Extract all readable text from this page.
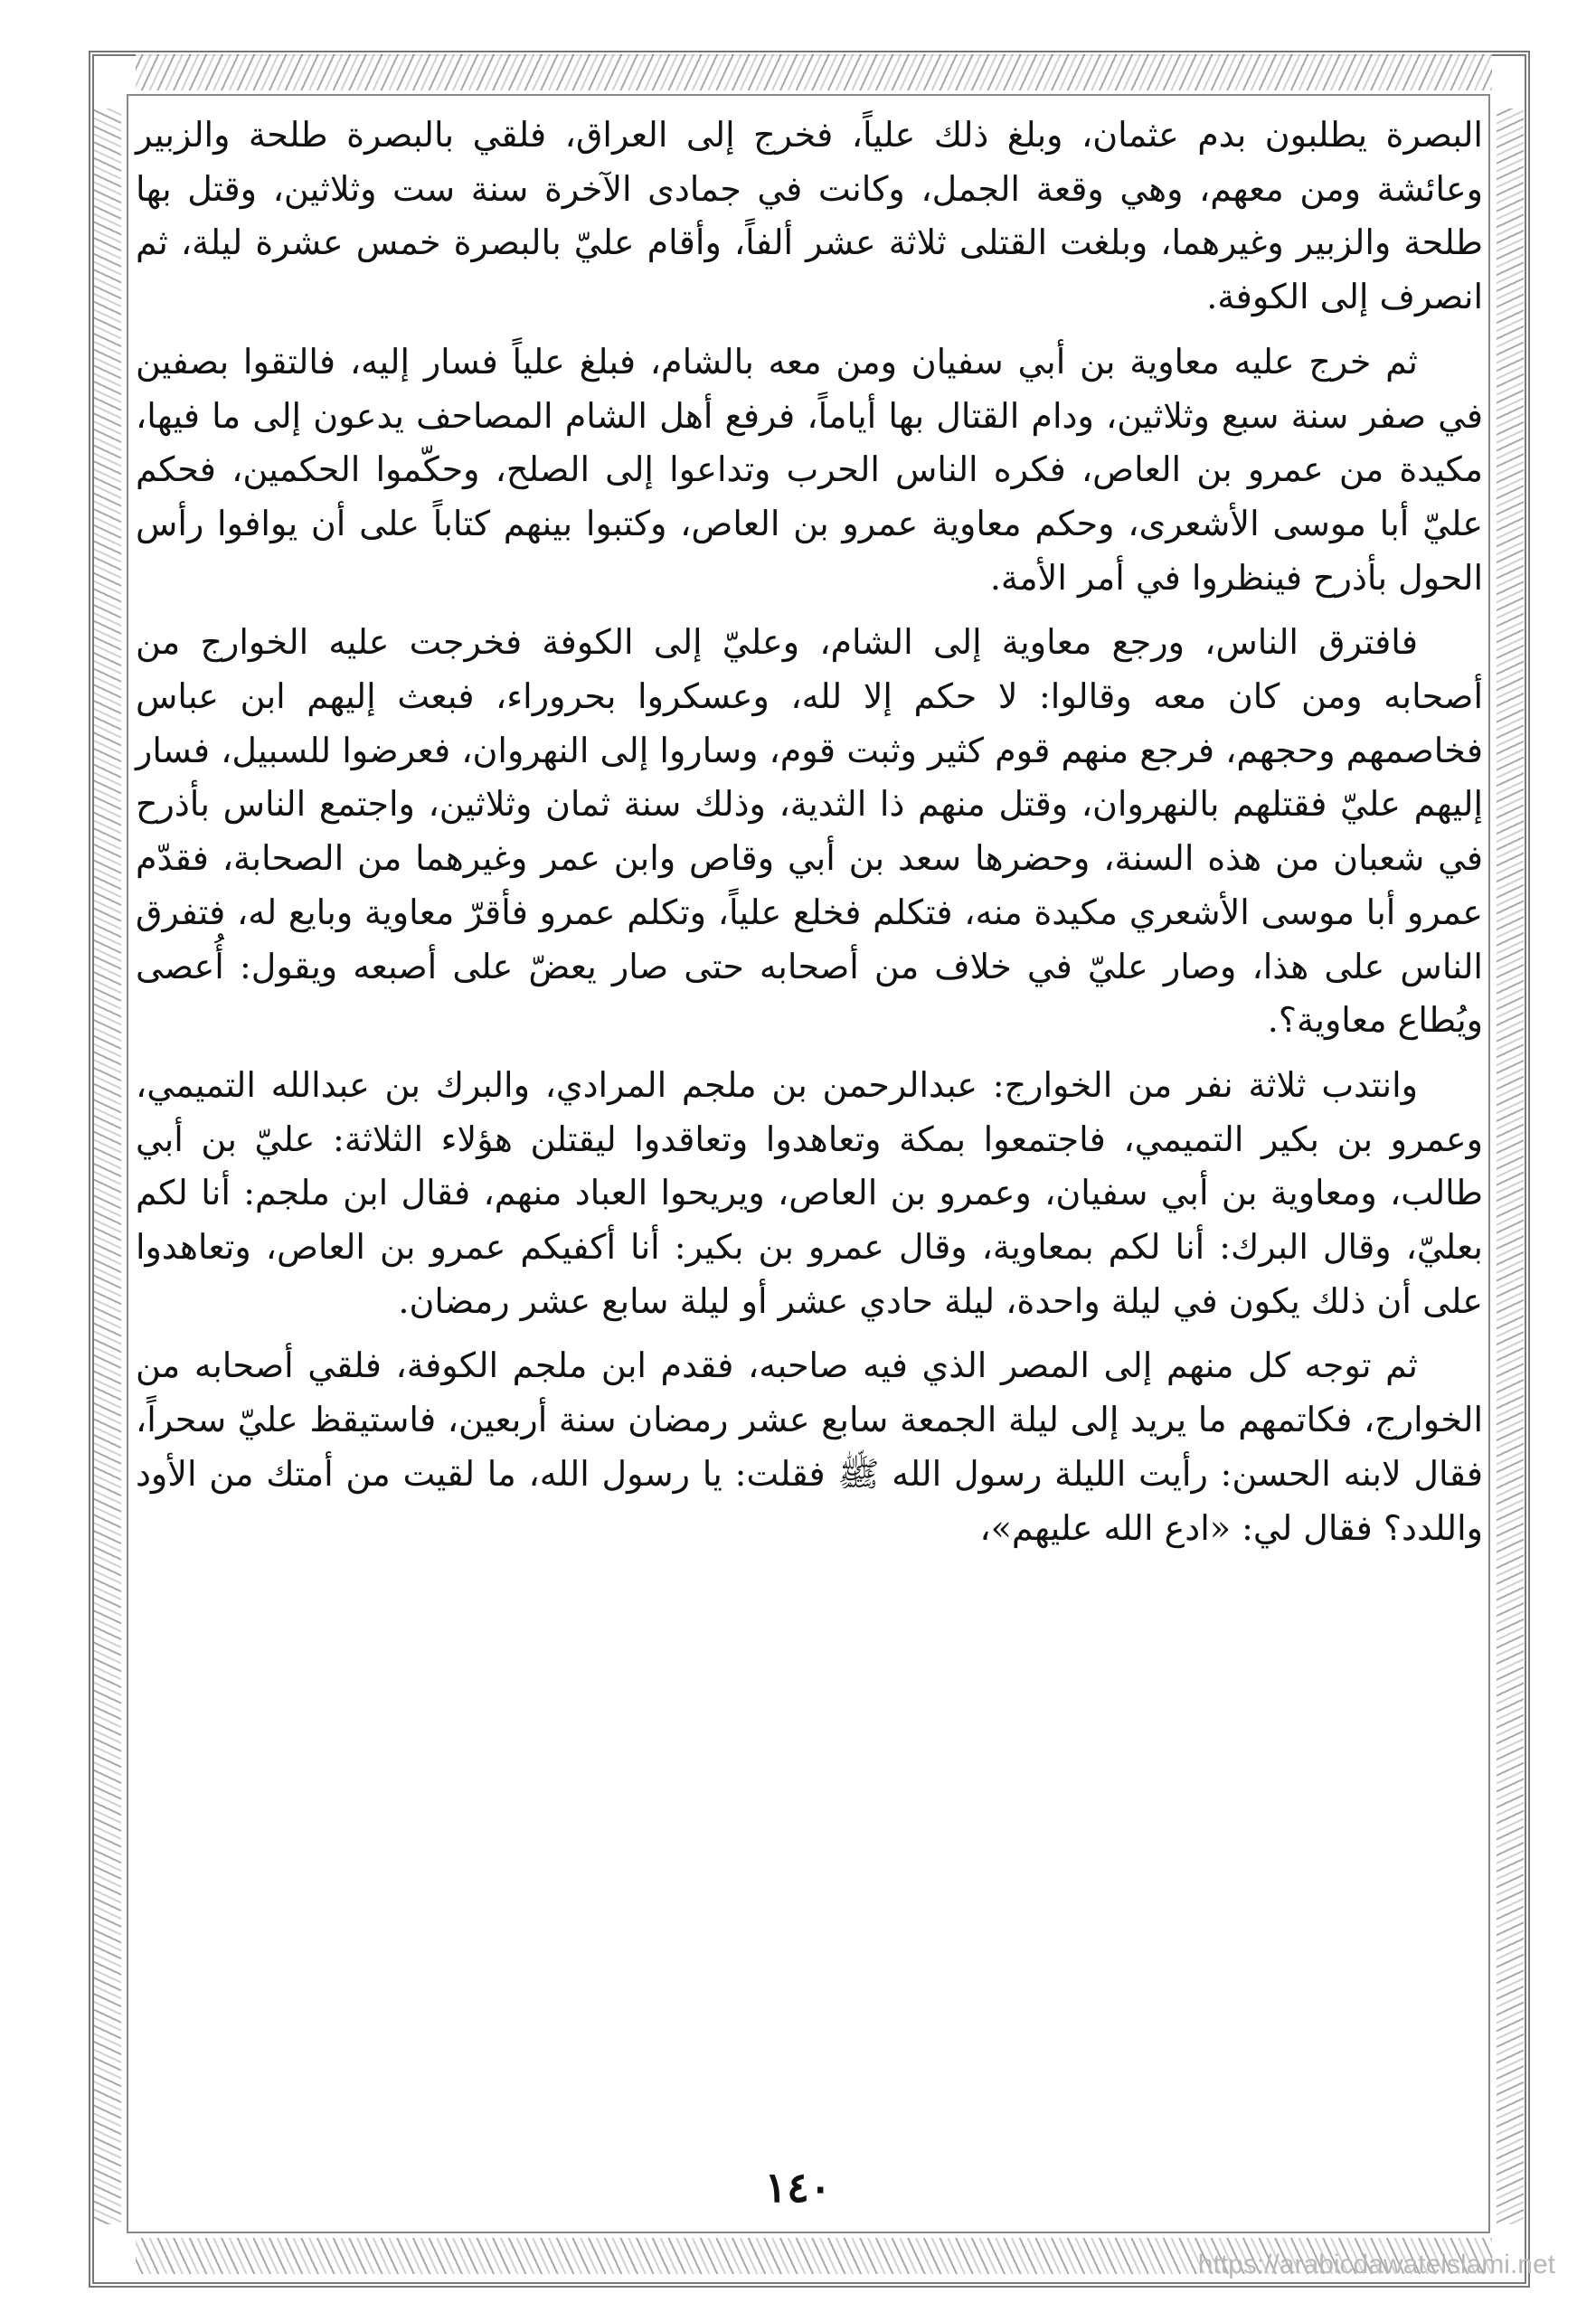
البصرة يطلبون بدم عثمان، وبلغ ذلك علياً، فخرج إلى العراق، فلقي بالبصرة طلحة والزبير وعائشة ومن معهم، وهي وقعة الجمل، وكانت في جمادى الآخرة سنة ست وثلاثين، وقتل بها طلحة والزبير وغيرهما، وبلغت القتلى ثلاثة عشر ألفاً، وأقام عليّ بالبصرة خمس عشرة ليلة، ثم انصرف إلى الكوفة.

ثم خرج عليه معاوية بن أبي سفيان ومن معه بالشام، فبلغ علياً فسار إليه، فالتقوا بصفين في صفر سنة سبع وثلاثين، ودام القتال بها أياماً، فرفع أهل الشام المصاحف يدعون إلى ما فيها، مكيدة من عمرو بن العاص، فكره الناس الحرب وتداعوا إلى الصلح، وحكّموا الحكمين، فحكم عليّ أبا موسى الأشعرى، وحكم معاوية عمرو بن العاص، وكتبوا بينهم كتاباً على أن يوافوا رأس الحول بأذرح فينظروا في أمر الأمة.

فافترق الناس، ورجع معاوية إلى الشام، وعليّ إلى الكوفة فخرجت عليه الخوارج من أصحابه ومن كان معه وقالوا: لا حكم إلا لله، وعسكروا بحروراء، فبعث إليهم ابن عباس فخاصمهم وحجهم، فرجع منهم قوم كثير وثبت قوم، وساروا إلى النهروان، فعرضوا للسبيل، فسار إليهم عليّ فقتلهم بالنهروان، وقتل منهم ذا الثدية، وذلك سنة ثمان وثلاثين، واجتمع الناس بأذرح في شعبان من هذه السنة، وحضرها سعد بن أبي وقاص وابن عمر وغيرهما من الصحابة، فقدّم عمرو أبا موسى الأشعري مكيدة منه، فتكلم فخلع علياً، وتكلم عمرو فأقرّ معاوية وبايع له، فتفرق الناس على هذا، وصار عليّ في خلاف من أصحابه حتى صار يعضّ على أصبعه ويقول: أُعصى ويُطاع معاوية؟.

وانتدب ثلاثة نفر من الخوارج: عبدالرحمن بن ملجم المرادي، والبرك بن عبدالله التميمي، وعمرو بن بكير التميمي، فاجتمعوا بمكة وتعاهدوا وتعاقدوا ليقتلن هؤلاء الثلاثة: عليّ بن أبي طالب، ومعاوية بن أبي سفيان، وعمرو بن العاص، ويريحوا العباد منهم، فقال ابن ملجم: أنا لكم بعليّ، وقال البرك: أنا لكم بمعاوية، وقال عمرو بن بكير: أنا أكفيكم عمرو بن العاص، وتعاهدوا على أن ذلك يكون في ليلة واحدة، ليلة حادي عشر أو ليلة سابع عشر رمضان.

ثم توجه كل منهم إلى المصر الذي فيه صاحبه، فقدم ابن ملجم الكوفة، فلقي أصحابه من الخوارج، فكاتمهم ما يريد إلى ليلة الجمعة سابع عشر رمضان سنة أربعين، فاستيقظ عليّ سحراً، فقال لابنه الحسن: رأيت الليلة رسول الله ﷺ فقلت: يا رسول الله، ما لقيت من أمتك من الأود واللدد؟ فقال لي: «ادع الله عليهم»،

١٤٠
https://arabicdawateislami.net
